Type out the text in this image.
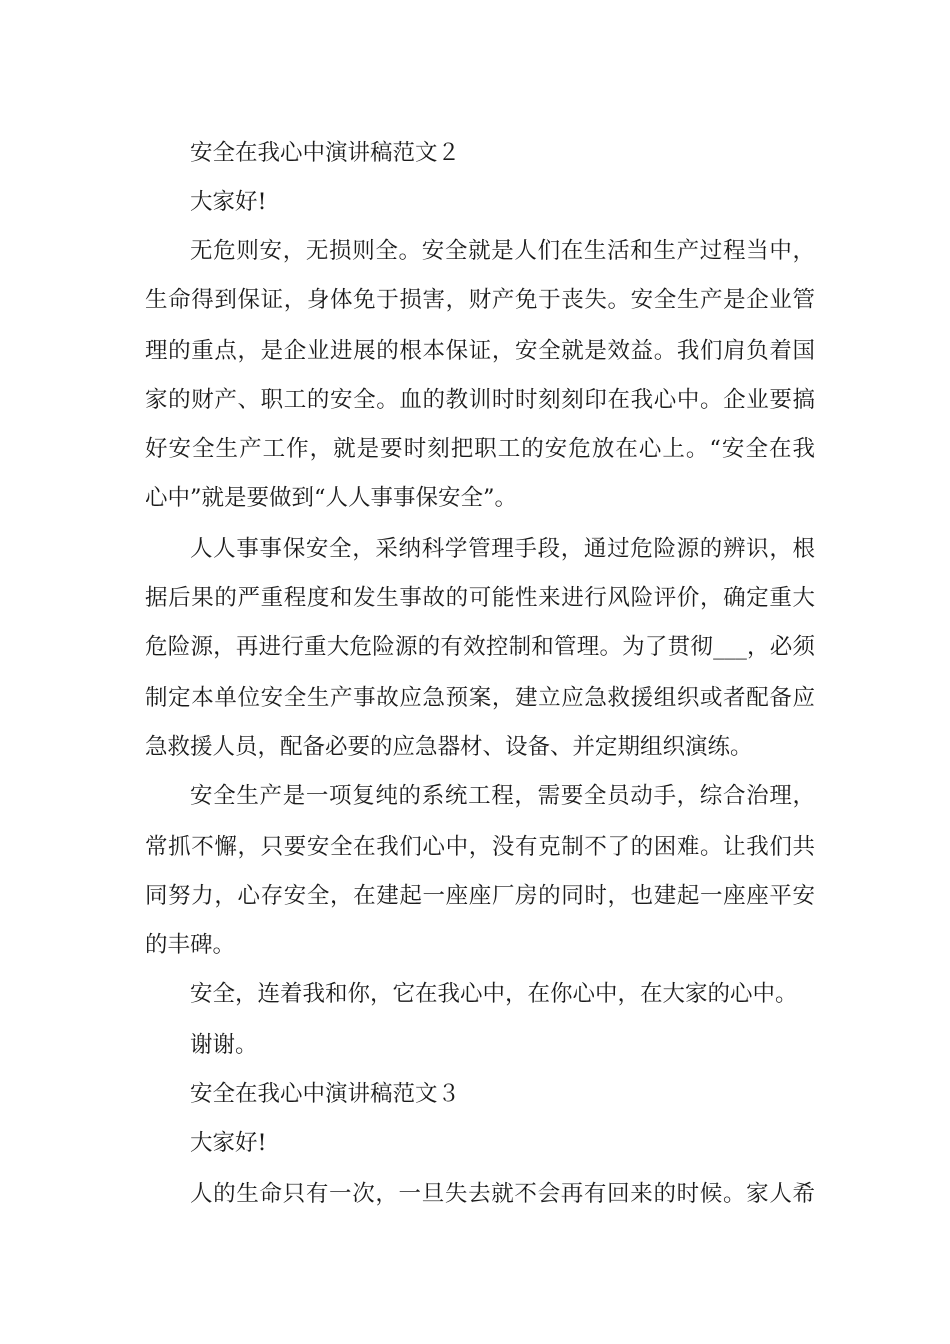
安全在我心中演讲稿范文２
大家好!
无危则安，无损则全。安全就是人们在生活和生产过程当中，
生命得到保证，身体免于损害，财产免于丧失。安全生产是企业管
理的重点，是企业进展的根本保证，安全就是效益。我们肩负着国
家的财产、职工的安全。血的教训时时刻刻印在我心中。企业要搞
好安全生产工作，就是要时刻把职工的安危放在心上。“安全在我
心中”就是要做到“人人事事保安全”。
人人事事保安全，采纳科学管理手段，通过危险源的辨识，根
据后果的严重程度和发生事故的可能性来进行风险评价，确定重大
危险源，再进行重大危险源的有效控制和管理。为了贯彻___，必须
制定本单位安全生产事故应急预案，建立应急救援组织或者配备应
急救援人员，配备必要的应急器材、设备、并定期组织演练。
安全生产是一项复纯的系统工程，需要全员动手，综合治理，
常抓不懈，只要安全在我们心中，没有克制不了的困难。让我们共
同努力，心存安全，在建起一座座厂房的同时，也建起一座座平安
的丰碑。
安全，连着我和你，它在我心中，在你心中，在大家的心中。
谢谢。
安全在我心中演讲稿范文３
大家好!
人的生命只有一次，一旦失去就不会再有回来的时候。家人希
